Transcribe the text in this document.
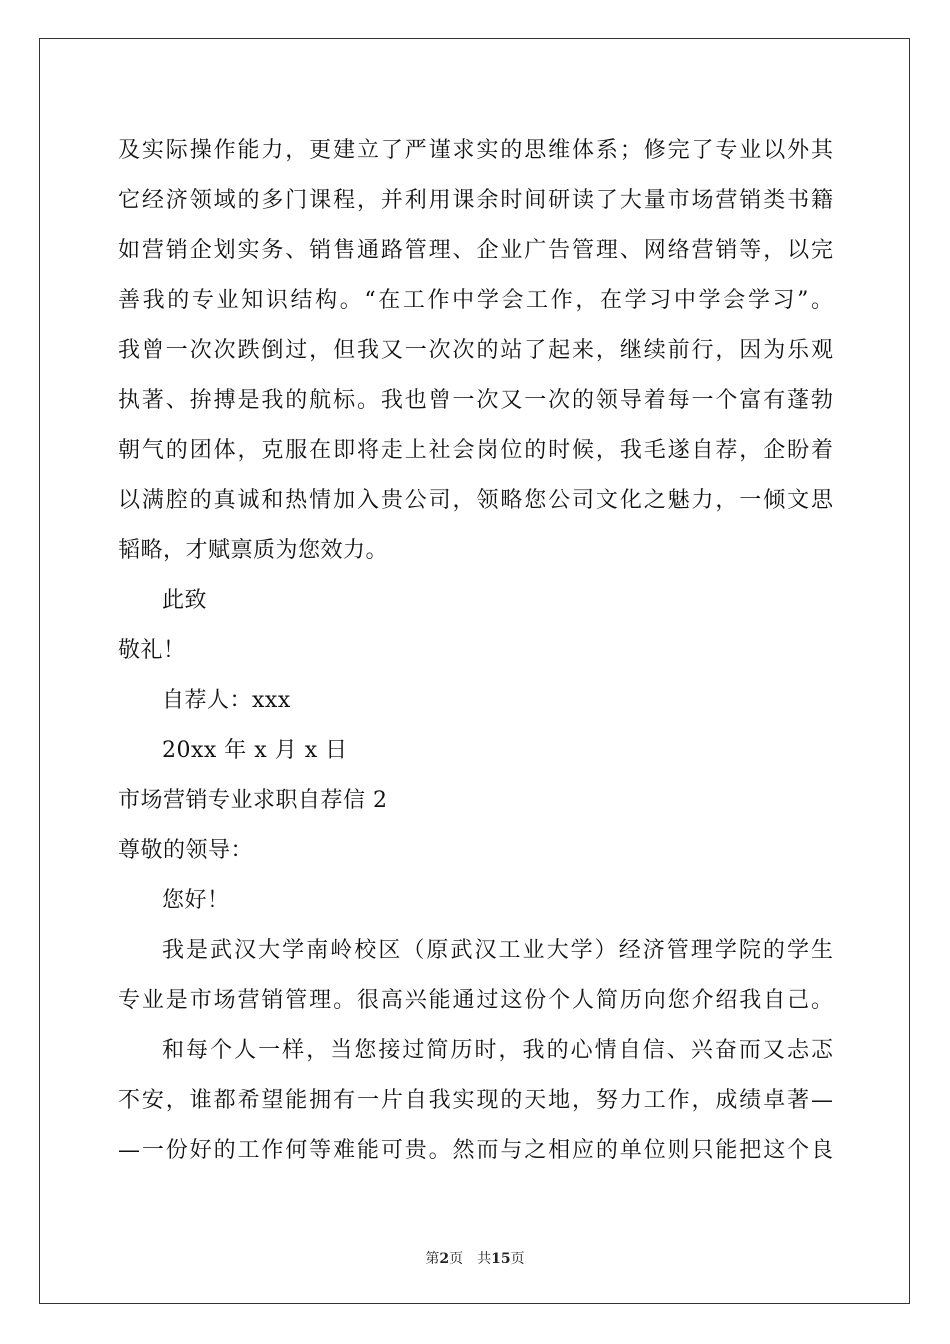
及实际操作能力，更建立了严谨求实的思维体系；修完了专业以外其
它经济领域的多门课程，并利用课余时间研读了大量市场营销类书籍
如营销企划实务、销售通路管理、企业广告管理、网络营销等，以完
善我的专业知识结构。“在工作中学会工作，在学习中学会学习”。
我曾一次次跌倒过，但我又一次次的站了起来，继续前行，因为乐观
执著、拚搏是我的航标。我也曾一次又一次的领导着每一个富有蓬勃
朝气的团体，克服在即将走上社会岗位的时候，我毛遂自荐，企盼着
以满腔的真诚和热情加入贵公司，领略您公司文化之魅力，一倾文思
韬略，才赋禀质为您效力。
此致
敬礼！
自荐人：xxx
20xx 年 x 月 x 日
市场营销专业求职自荐信 2
尊敬的领导：
您好！
我是武汉大学南岭校区（原武汉工业大学）经济管理学院的学生
专业是市场营销管理。很高兴能通过这份个人简历向您介绍我自己。
和每个人一样，当您接过简历时，我的心情自信、兴奋而又忐忑
不安，谁都希望能拥有一片自我实现的天地，努力工作，成绩卓著—
—一份好的工作何等难能可贵。然而与之相应的单位则只能把这个良
第2页 共15页
